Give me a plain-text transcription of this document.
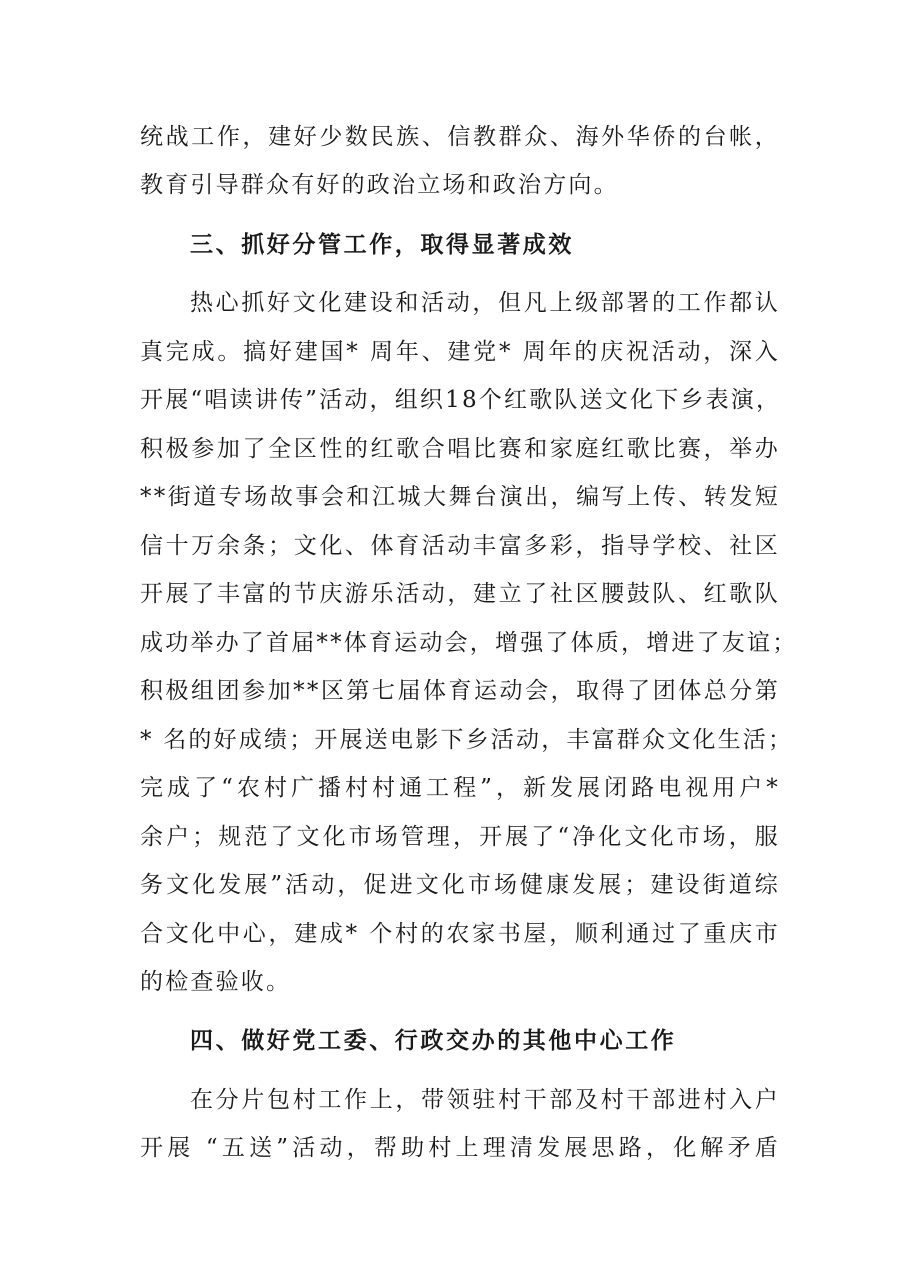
统战工作，建好少数民族、信教群众、海外华侨的台帐，
教育引导群众有好的政治立场和政治方向。
三、抓好分管工作，取得显著成效
热心抓好文化建设和活动，但凡上级部署的工作都认
真完成。搞好建国* 周年、建党* 周年的庆祝活动，深入
开展“唱读讲传”活动，组织18个红歌队送文化下乡表演，
积极参加了全区性的红歌合唱比赛和家庭红歌比赛，举办
**街道专场故事会和江城大舞台演出，编写上传、转发短
信十万余条；文化、体育活动丰富多彩，指导学校、社区
开展了丰富的节庆游乐活动，建立了社区腰鼓队、红歌队
成功举办了首届**体育运动会，增强了体质，增进了友谊；
积极组团参加**区第七届体育运动会，取得了团体总分第
* 名的好成绩；开展送电影下乡活动，丰富群众文化生活；
完成了“农村广播村村通工程”，新发展闭路电视用户*
余户；规范了文化市场管理，开展了“净化文化市场，服
务文化发展”活动，促进文化市场健康发展；建设街道综
合文化中心，建成* 个村的农家书屋，顺利通过了重庆市
的检查验收。
四、做好党工委、行政交办的其他中心工作
在分片包村工作上，带领驻村干部及村干部进村入户
开展 “五送”活动，帮助村上理清发展思路，化解矛盾
